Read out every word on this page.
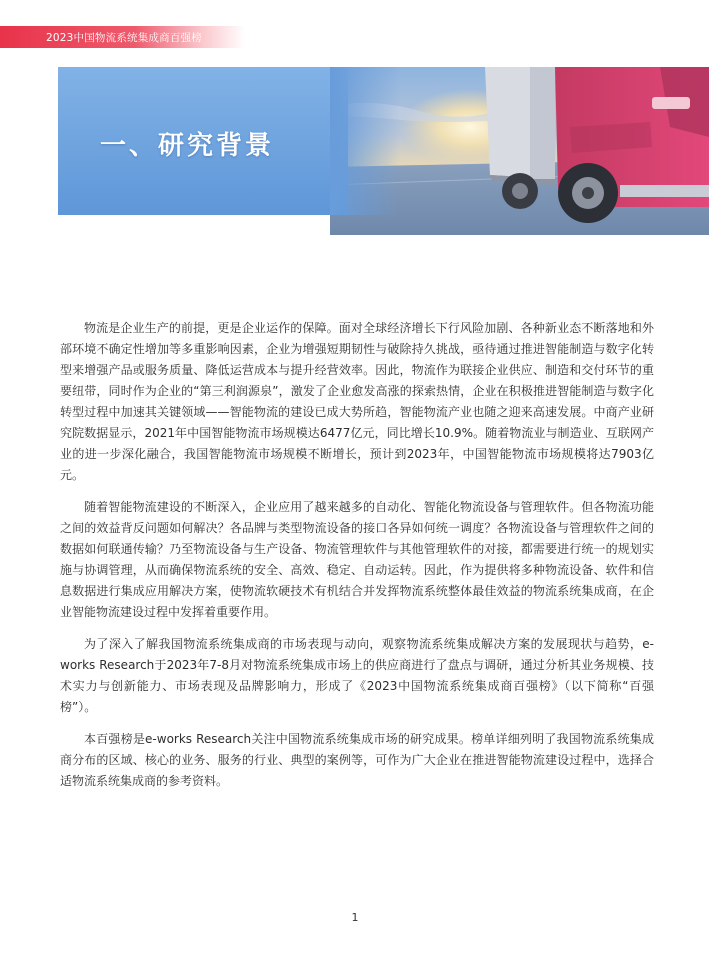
2023中国物流系统集成商百强榜
一、研究背景

物流是企业生产的前提，更是企业运作的保障。面对全球经济增长下行风险加剧、各种新业态不断落地和外部环境不确定性增加等多重影响因素，企业为增强短期韧性与破除持久挑战，亟待通过推进智能制造与数字化转型来增强产品或服务质量、降低运营成本与提升经营效率。因此，物流作为联接企业供应、制造和交付环节的重要纽带，同时作为企业的“第三利润源泉”，激发了企业愈发高涨的探索热情，企业在积极推进智能制造与数字化转型过程中加速其关键领域——智能物流的建设已成大势所趋，智能物流产业也随之迎来高速发展。中商产业研究院数据显示，2021年中国智能物流市场规模达6477亿元，同比增长10.9%。随着物流业与制造业、互联网产业的进一步深化融合，我国智能物流市场规模不断增长，预计到2023年，中国智能物流市场规模将达7903亿元。

随着智能物流建设的不断深入，企业应用了越来越多的自动化、智能化物流设备与管理软件。但各物流功能之间的效益背反问题如何解决？各品牌与类型物流设备的接口各异如何统一调度？各物流设备与管理软件之间的数据如何联通传输？乃至物流设备与生产设备、物流管理软件与其他管理软件的对接，都需要进行统一的规划实施与协调管理，从而确保物流系统的安全、高效、稳定、自动运转。因此，作为提供将多种物流设备、软件和信息数据进行集成应用解决方案，使物流软硬技术有机结合并发挥物流系统整体最佳效益的物流系统集成商，在企业智能物流建设过程中发挥着重要作用。

为了深入了解我国物流系统集成商的市场表现与动向，观察物流系统集成解决方案的发展现状与趋势，e-works Research于2023年7-8月对物流系统集成市场上的供应商进行了盘点与调研，通过分析其业务规模、技术实力与创新能力、市场表现及品牌影响力，形成了《2023中国物流系统集成商百强榜》（以下简称“百强榜”）。

本百强榜是e-works Research关注中国物流系统集成市场的研究成果。榜单详细列明了我国物流系统集成商分布的区域、核心的业务、服务的行业、典型的案例等，可作为广大企业在推进智能物流建设过程中，选择合适物流系统集成商的参考资料。

1
